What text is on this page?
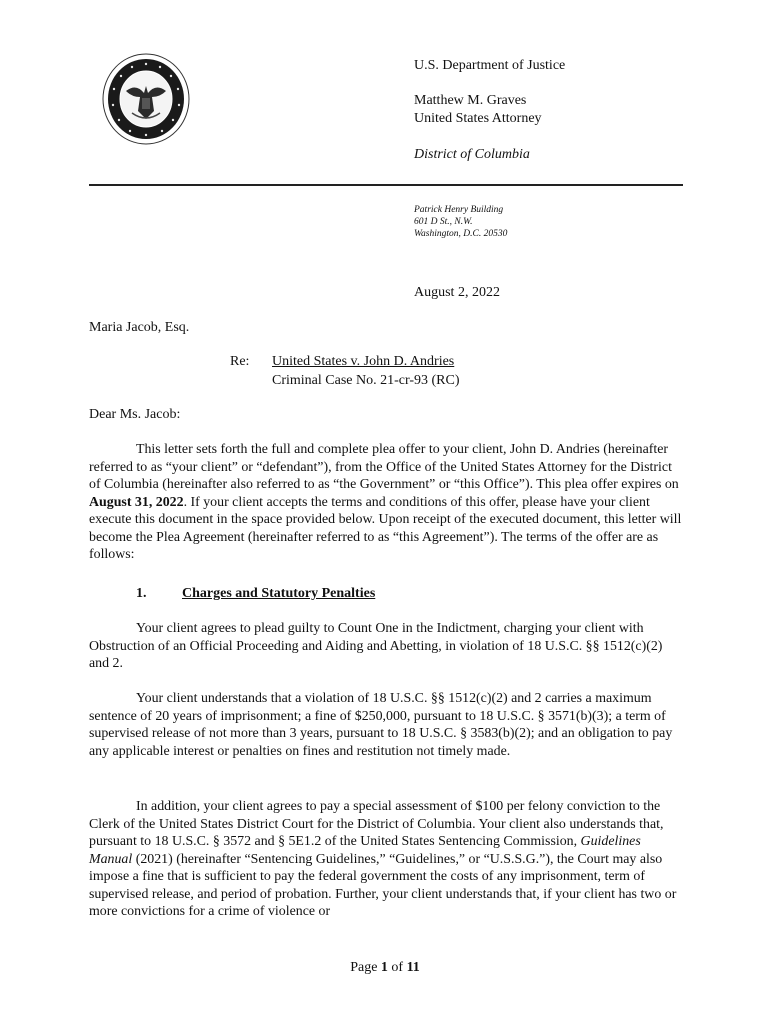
U.S. Department of Justice
Matthew M. Graves
United States Attorney
District of Columbia
Patrick Henry Building
601 D St., N.W.
Washington, D.C. 20530
August 2, 2022
Maria Jacob, Esq.
Re: United States v. John D. Andries
Criminal Case No. 21-cr-93 (RC)
Dear Ms. Jacob:

This letter sets forth the full and complete plea offer to your client, John D. Andries (hereinafter referred to as “your client” or “defendant”), from the Office of the United States Attorney for the District of Columbia (hereinafter also referred to as “the Government” or “this Office”). This plea offer expires on August 31, 2022. If your client accepts the terms and conditions of this offer, please have your client execute this document in the space provided below. Upon receipt of the executed document, this letter will become the Plea Agreement (hereinafter referred to as “this Agreement”). The terms of the offer are as follows:

1.	Charges and Statutory Penalties

Your client agrees to plead guilty to Count One in the Indictment, charging your client with Obstruction of an Official Proceeding and Aiding and Abetting, in violation of 18 U.S.C. §§ 1512(c)(2) and 2.

Your client understands that a violation of 18 U.S.C. §§ 1512(c)(2) and 2 carries a maximum sentence of 20 years of imprisonment; a fine of $250,000, pursuant to 18 U.S.C. § 3571(b)(3); a term of supervised release of not more than 3 years, pursuant to 18 U.S.C. § 3583(b)(2); and an obligation to pay any applicable interest or penalties on fines and restitution not timely made.

In addition, your client agrees to pay a special assessment of $100 per felony conviction to the Clerk of the United States District Court for the District of Columbia. Your client also understands that, pursuant to 18 U.S.C. § 3572 and § 5E1.2 of the United States Sentencing Commission, Guidelines Manual (2021) (hereinafter “Sentencing Guidelines,” “Guidelines,” or “U.S.S.G.”), the Court may also impose a fine that is sufficient to pay the federal government the costs of any imprisonment, term of supervised release, and period of probation. Further, your client understands that, if your client has two or more convictions for a crime of violence or

Page 1 of 11
